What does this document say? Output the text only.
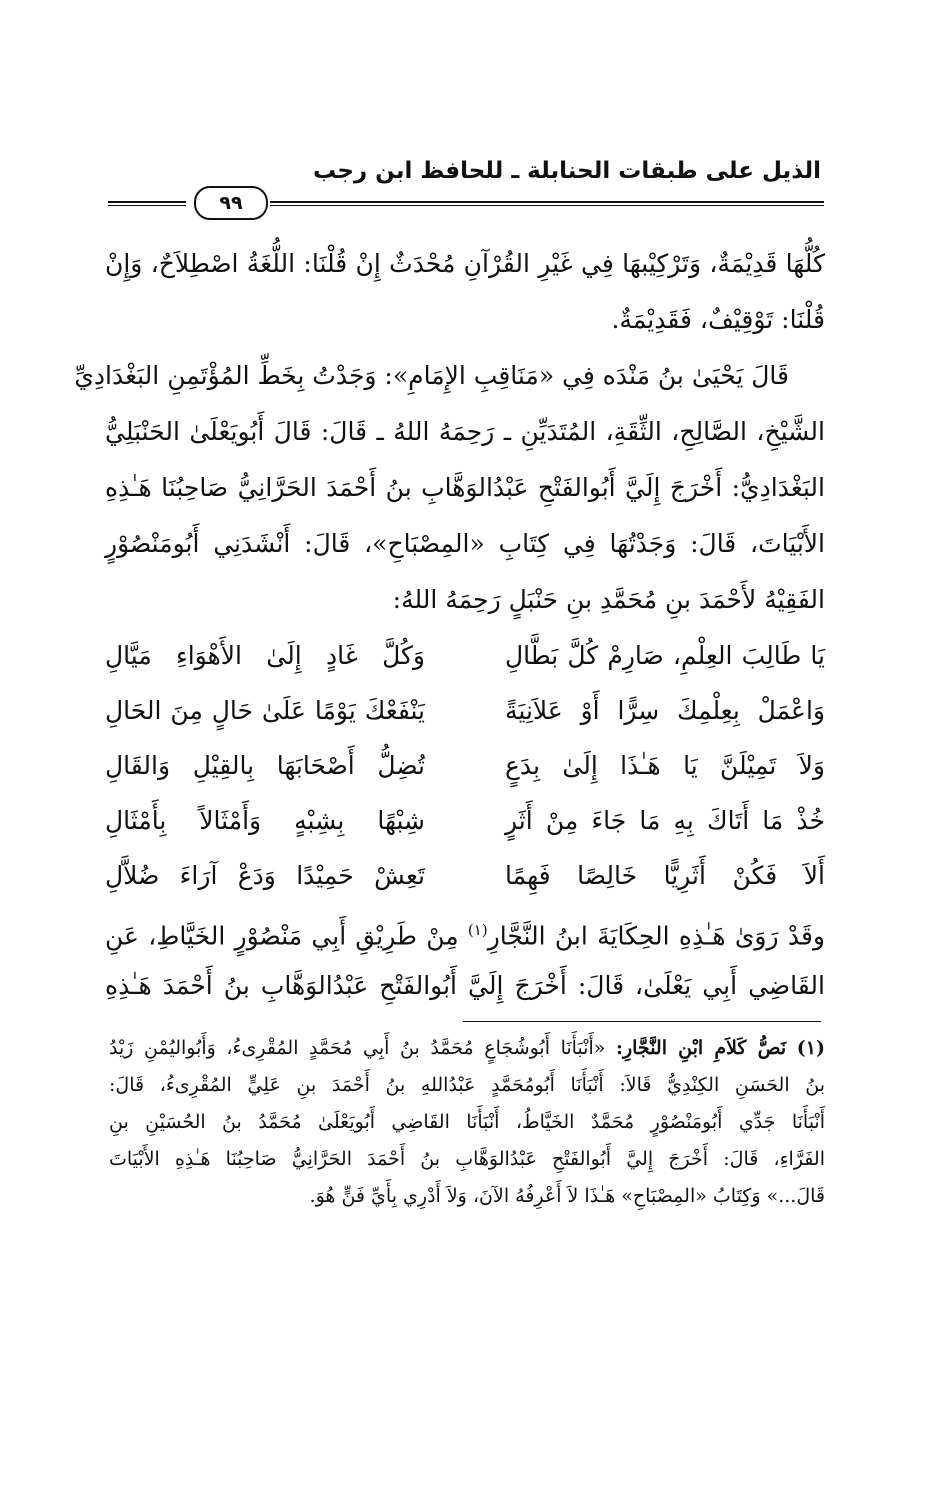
الذيل على طبقات الحنابلة ـ للحافظ ابن رجب
٩٩
كُلُّهَا قَدِيْمَةٌ، وَتَرْكِيْبهَا فِي غَيْرِ القُرْآنِ مُحْدَثٌ إِنْ قُلْنَا: اللُّغَةُ اصْطِلاَحٌ، وَإِنْ
قُلْنَا: تَوْقِيْفٌ، فَقَدِيْمَةٌ.
قَالَ يَحْيَىٰ بنُ مَنْدَه فِي «مَنَاقِبِ الإِمَامِ»: وَجَدْتُ بِخَطِّ المُؤْتَمِنِ البَغْدَادِيِّ
الشَّيْخِ، الصَّالِحِ، الثِّقَةِ، المُتَدَيِّنِ ـ رَحِمَهُ اللهُ ـ قَالَ: قَالَ أَبُويَعْلَىٰ الحَنْبَلِيُّ
البَغْدَادِيُّ: أَخْرَجَ إِلَيَّ أَبُوالفَتْحِ عَبْدُالوَهَّابِ بنُ أَحْمَدَ الحَرَّانِيُّ صَاحِبُنَا هَـٰذِهِ
الأَبْيَاتَ، قَالَ: وَجَدْتُهَا فِي كِتَابِ «المِصْبَاحِ»، قَالَ: أَنْشَدَنِي أَبُومَنْصُوْرٍ
الفَقِيْهُ لأَحْمَدَ بنِ مُحَمَّدِ بنِ حَنْبَلٍ رَحِمَهُ اللهُ:
يَا طَالِبَ العِلْمِ، صَارِمْ كُلَّ بَطَّالِ
وَكُلَّ غَادٍ إِلَىٰ الأَهْوَاءِ مَيَّالِ
وَاعْمَلْ بِعِلْمِكَ سِرًّا أَوْ عَلاَنِيَةً
يَنْفَعْكَ يَوْمًا عَلَىٰ حَالٍ مِنَ الحَالِ
وَلاَ تَمِيْلَنَّ يَا هَـٰذَا إِلَىٰ بِدَعٍ
تُضِلُّ أَصْحَابَهَا بِالقِيْلِ وَالقَالِ
خُذْ مَا أَتَاكَ بِهِ مَا جَاءَ مِنْ أَثَرٍ
شِبْهًا بِشِبْهٍ وَأَمْثَالاً بِأَمْثَالِ
أَلاَ فَكُنْ أَثَرِيًّا خَالِصًا فَهِمًا
تَعِشْ حَمِيْدًا وَدَعْ آرَاءَ ضُلاَّلِ
وقَدْ رَوَىٰ هَـٰذِهِ الحِكَايَةَ ابنُ النَّجَّارِ$^{(١)}$ مِنْ طَرِيْقِ أَبِي مَنْصُوْرٍ الخَيَّاطِ، عَنِ
القَاضِي أَبِي يَعْلَىٰ، قَالَ: أَخْرَجَ إِلَيَّ أَبُوالفَتْحِ عَبْدُالوَهَّابِ بنُ أَحْمَدَ هَـٰذِهِ
(١) نَصُّ كَلاَمِ ابْنِ النَّجَّارِ: «أَنْبَأَنَا أَبُوشُجَاعٍ مُحَمَّدُ بنُ أَبِي مُحَمَّدٍ المُقْرِىءُ، وَأَبُواليُمْنِ زَيْدُ
بنُ الحَسَنِ الكِنْدِيُّ قَالاَ: أَنْبَأَنَا أَبُومُحَمَّدٍ عَبْدُاللهِ بنُ أَحْمَدَ بنِ عَلِيٍّ المُقْرِىءُ، قَالَ:
أَنْبَأَنَا جَدِّي أَبُومَنْصُوْرٍ مُحَمَّدٌ الخَيَّاطُ، أَنْبَأَنَا القَاضِي أَبُويَعْلَىٰ مُحَمَّدُ بنُ الحُسَيْنِ بنِ
الفَرَّاءِ، قَالَ: أَخْرَجَ إِليَّ أَبُوالفَتْحِ عَبْدُالوَهَّابِ بنُ أَحْمَدَ الحَرَّانِيُّ صَاحِبُنَا هَـٰذِهِ الأَبْيَاتَ
قَالَ...» وَكِتَابُ «المِصْبَاحِ» هَـٰذَا لاَ أَعْرِفُهُ الآنَ، وَلاَ أَدْرِي بِأَيِّ فَنٍّ هُوَ.
